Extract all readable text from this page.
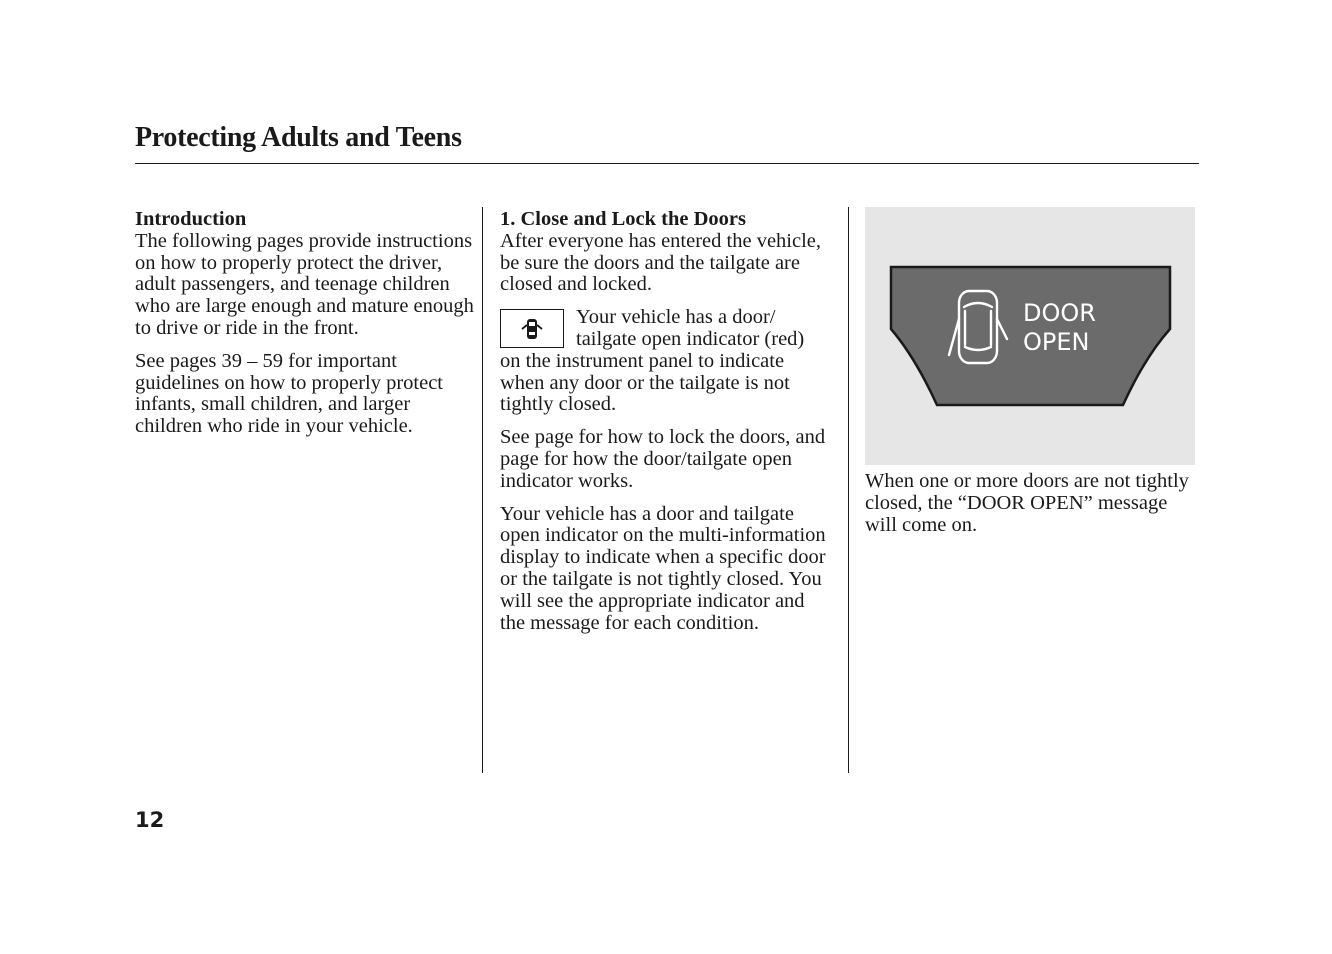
Protecting Adults and Teens
Introduction

The following pages provide instructions on how to properly protect the driver, adult passengers, and teenage children who are large enough and mature enough to drive or ride in the front.

See pages 39 – 59 for important guidelines on how to properly protect infants, small children, and larger children who ride in your vehicle.

1. Close and Lock the Doors

After everyone has entered the vehicle, be sure the doors and the tailgate are closed and locked.

Your vehicle has a door/
tailgate open indicator (red)

on the instrument panel to indicate when any door or the tailgate is not tightly closed.

See page for how to lock the doors, and page for how the door/tailgate open indicator works.

Your vehicle has a door and tailgate open indicator on the multi-information display to indicate when a specific door or the tailgate is not tightly closed. You will see the appropriate indicator and the message for each condition.

DOOR
OPEN

When one or more doors are not tightly closed, the “DOOR OPEN” message will come on.

12
